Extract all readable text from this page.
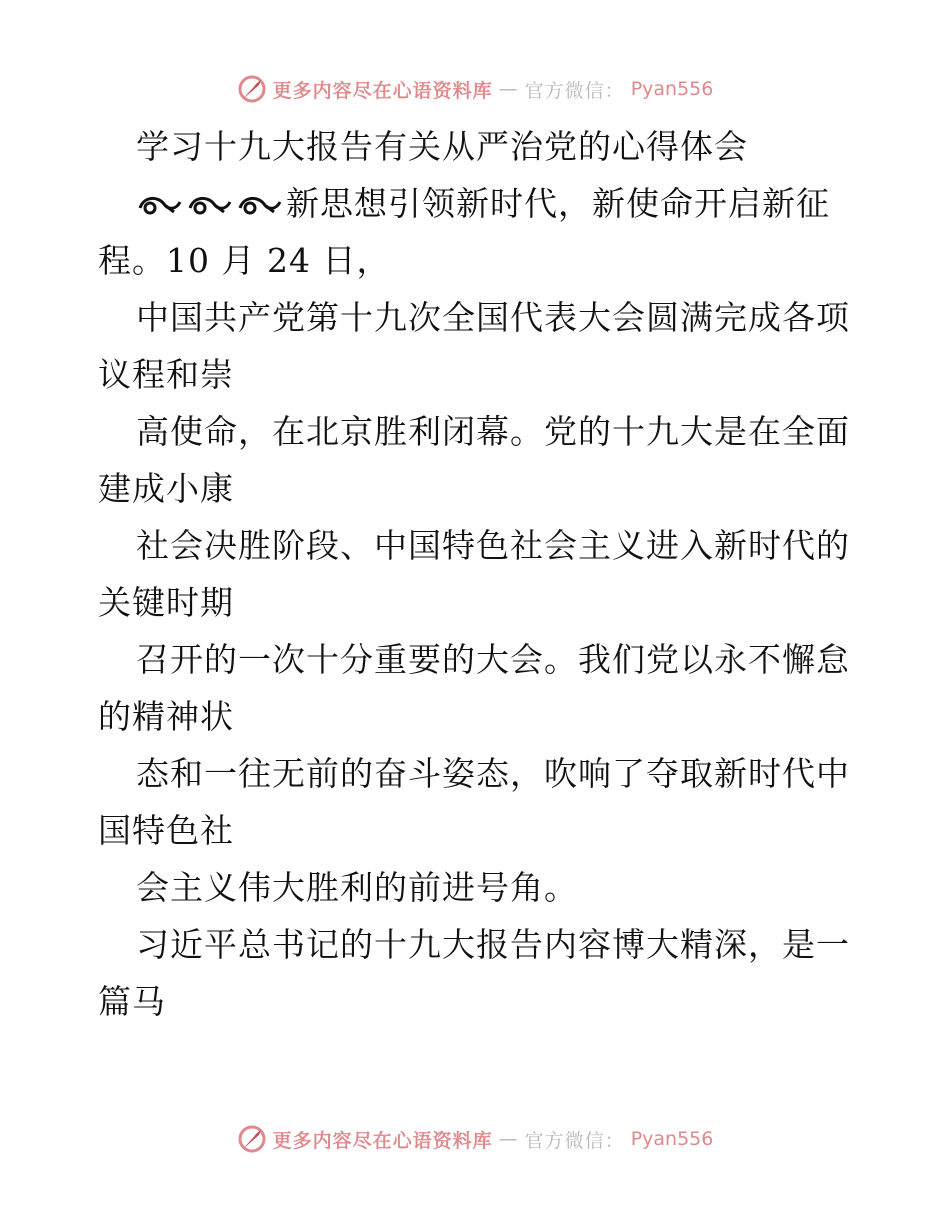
更多内容尽在心语资料库 — 官方微信： Pyan556

学习十九大报告有关从严治党的心得体会

新思想引领新时代，新使命开启新征

程。10 月 24 日，

中国共产党第十九次全国代表大会圆满完成各项

议程和崇

高使命，在北京胜利闭幕。党的十九大是在全面

建成小康

社会决胜阶段、中国特色社会主义进入新时代的

关键时期

召开的一次十分重要的大会。我们党以永不懈怠

的精神状

态和一往无前的奋斗姿态，吹响了夺取新时代中

国特色社

会主义伟大胜利的前进号角。

习近平总书记的十九大报告内容博大精深，是一

篇马

更多内容尽在心语资料库 — 官方微信： Pyan556
